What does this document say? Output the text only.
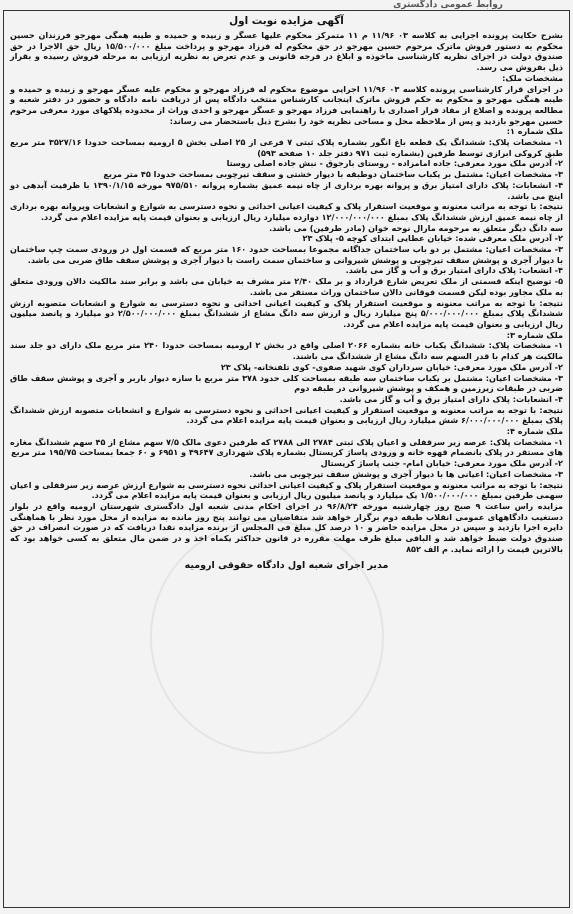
روابط عمومی دادگستری
آگهی مزایده نوبت اول

بشرح حکایت پرونده اجرایی به کلاسه ۰۳ ۱۱/۹۶ م ۱۱ متمرکز محکوم علیها عسگر و زبیده و حمیده و طیبه همگی مهرجو فرزندان حسین محکوم به دستور فروش ماترک مرحوم حسین مهرجو در حق محکوم له فرزاد مهرجو و پرداخت مبلغ ۱۵/۵۰۰/۰۰۰ ریال حق الاجرا در حق صندوق دولت در اجرای نظریه کارشناسی ماخوذه و ابلاغ در فرجه قانونی و عدم تعرض به نظریه ارزیابی به مرحله فروش رسیده و بقرار ذیل بفروش می رسد.

مشخصات ملک:

در اجرای قرار کارشناسی پرونده کلاسه ۰۳ ۱۱/۹۶ اجرایی موضوع محکوم له فرزاد مهرجو و محکوم علیه عسگر مهرجو و زبیده و حمیده و طیبه همگی مهرجو و محکوم به حکم فروش ماترک اینجانب کارشناس منتخب دادگاه پس از دریافت نامه دادگاه و حضور در دفتر شعبه و مطالعه پرونده و اصلاع از مفاد قرار اصداری با راهنمایی فرزاد مهرجو و عسگر مهرجو و احدی وراث از محدوده پلاکهای مورد معرفی مرحوم حسین مهرجو بازدید و پس از ملاحظه محل و مساحی نظریه خود را بشرح ذیل باستحضار می رساند:

ملک شماره ۱:

۱- مشخصات پلاک: ششدانگ یک قطعه باغ انگور بشماره پلاک ثبتی ۷ فرعی از ۲۵ اصلی بخش ۵ ارومیه بمساحت حدودا ۳۵۲۷/۱۶ متر مربع طبق کروکی ابرازی توسط طرفین (بشماره ثبت ۹۷۱ دفتر جلد ۱۰ صفحه ۵۹۳)

۲- آدرس ملک مورد معرفی: جاده امامزاده - روستای بارجوق - نبش جاده اصلی روستا

۳- مشخصات اعیان: مشتمل بر یکباب ساختمان دوطبقه با دیوار خشتی و سقف تیرچوبی بمساحت حدودا ۴۵ متر مربع

۴- انشعابات: پلاک دارای امتیاز برق و پروانه بهره برداری از چاه نیمه عمیق بشماره پروانه ۹۷۵/۵۱۰ مورخه ۱۳۹۰/۱/۱۵ با ظرفیت آبدهی دو اینچ می باشد.

نتیجه: با توجه به مراتب معنونه و موقعیت استقرار پلاک و کیفیت اعیانی احداثی و نحوه دسترسی به شوارع و انشعابات وپروانه بهره برداری از چاه نیمه عمیق ارزش ششدانگ پلاک بمبلغ ۱۲/۰۰۰/۰۰۰/۰۰۰ دوازده میلیارد ریال ارزیابی و بعنوان قیمت پایه مزایده اعلام می گردد.

سه دانگ دیگر متعلق به مرحومه مارال نوحه خوان (مادر طرفین) می باشد.

۲- آدرس ملک معرفی شده: خیابان عطایی ابتدای کوچه ۵- پلاک ۲۳

۳- مشخصات اعیان: مشتمل بر دو باب ساختمان جداگانه مجموعا بمساحت حدود ۱۶۰ متر مربع که قسمت اول در ورودی سمت چپ ساختمان با دیوار آجری و پوشش سقف تیرچوبی و پوشش شیروانی و ساختمان سمت راست با دیوار آجری و پوشش سقف طاق ضربی می باشد.

۴- انشعاب: پلاک دارای امتیاز برق و آب و گاز می باشد.

۵- توضیح اینکه قسمتی از ملک تعریض شارع قرارداد و بر ملک ۲/۴۰ متر مشرف به خیابان می باشد و برابر سند مالکیت دالان ورودی متعلق به ملک مجاور بوده لیکن قسمت فوقانی دالان ساختمان وراث مستقر می باشد.

نتیجه: با توجه به مراتب معنونه و موقعیت استقرار پلاک و کیفیت اعیانی احداثی و نحوه دسترسی به شوارع و انشعابات متصوبه ارزش ششدانگ پلاک بمبلغ ۵/۰۰۰/۰۰۰/۰۰۰ پنج میلیارد ریال و ارزش سه دانگ مشاع از ششدانگ بمبلغ ۲/۵۰۰/۰۰۰/۰۰۰ دو میلیارد و پانصد میلیون ریال ارزیابی و بعنوان قیمت پایه مزایده اعلام می گردد.

ملک شماره ۳:

۱- مشخصات پلاک: ششدانگ یکباب خانه بشماره ۲۰۶۶ اصلی واقع در بخش ۲ ارومیه بمساحت حدودا ۲۴۰ متر مربع ملک دارای دو جلد سند مالکیت هر کدام با قدر السهم سه دانگ مشاع از ششدانگ می باشند.

۲- آدرس ملک مورد معرفی: خیابان سرداران کوی شهید صفوی- کوی تلفنخانه- پلاک ۲۳

۳- مشخصات اعیان: مشتمل بر یکباب ساختمان سه طبقه بمساحت کلی حدود ۳۷۸ متر مربع با سازه دیوار باربر و آجری و پوشش سقف طاق ضربی در طبقات زیرزمین و همکف و پوشش شیروانی در طبقه دوم

۴- انشعابات: پلاک دارای امتیاز برق و آب و گاز می باشد.

نتیجه: با توجه به مراتب معنونه و موقعیت استقرار و کیفیت اعیانی احداثی و نحوه دسترسی به شوارع و انشعابات متصوبه ارزش ششدانگ پلاک بمبلغ ۶/۰۰۰/۰۰۰/۰۰۰ شش میلیارد ریال ارزیابی و بعنوان قیمت پایه مزایده اعلام می گردد.

ملک شماره ۴:

۱- مشخصات پلاک: عرصه زیر سرقفلی و اعیان پلاک ثبتی ۲۷۸۴ الی ۲۷۸۸ که طرفین دعوی مالک ۷/۵ سهم مشاع از ۴۵ سهم ششدانگ مغازه های مستقر در پلاک بانضمام قهوه خانه و ورودی پاساژ کریستال بشماره پلاک شهرداری ۴۹۶۴۷ و ۶۹۵۱ و ۶۰ جمعا بمساحت ۱۹۵/۷۵ متر مربع

۲- آدرس ملک مورد معرفی: خیابان امام- جنب پاساژ کریستال

۳- مشخصات اعیان: اعیانی ها با دیوار آجری و پوشش سقف تیرچوبی می باشد.

نتیجه: با توجه به مراتب معنونه و موقعیت استقرار پلاک و کیفیت اعیانی احداثی نحوه دسترسی به شوارع ارزش عرصه زیر سرقفلی و اعیان سهمی طرفین بمبلغ ۱/۵۰۰/۰۰۰/۰۰۰ یک میلیارد و پانصد میلیون ریال ارزیابی و بعنوان قیمت پایه مزایده اعلام می گردد.

مزایده راس ساعت ۹ صبح روز چهارشنبه مورخه ۹۶/۸/۲۴ در اجرای احکام مدنی شعبه اول دادگستری شهرستان ارومیه واقع در بلوار دستغیب دادگاههای عمومی انقلاب طبقه دوم برگزار خواهد شد متقاضیان می توانند پنج روز مانده به مزایده از محل مورد نظر با هماهنگی دایره اجرا بازدید و سپس در محل مزایده حاضر و ۱۰ درصد کل مبلغ فی المجلس از برنده مزایده نقدا دریافت که در صورت انصراف در حق صندوق دولت ضبط خواهد شد و الباقی مبلغ ظرف مهلت مقرره در قانون حداکثر یکماه اخذ و در ضمن مال متعلق به کسی خواهد بود که بالاترین قیمت را ارائه نماید. م الف ۸۵۲

مدیر اجرای شعبه اول دادگاه حقوقی ارومیه
